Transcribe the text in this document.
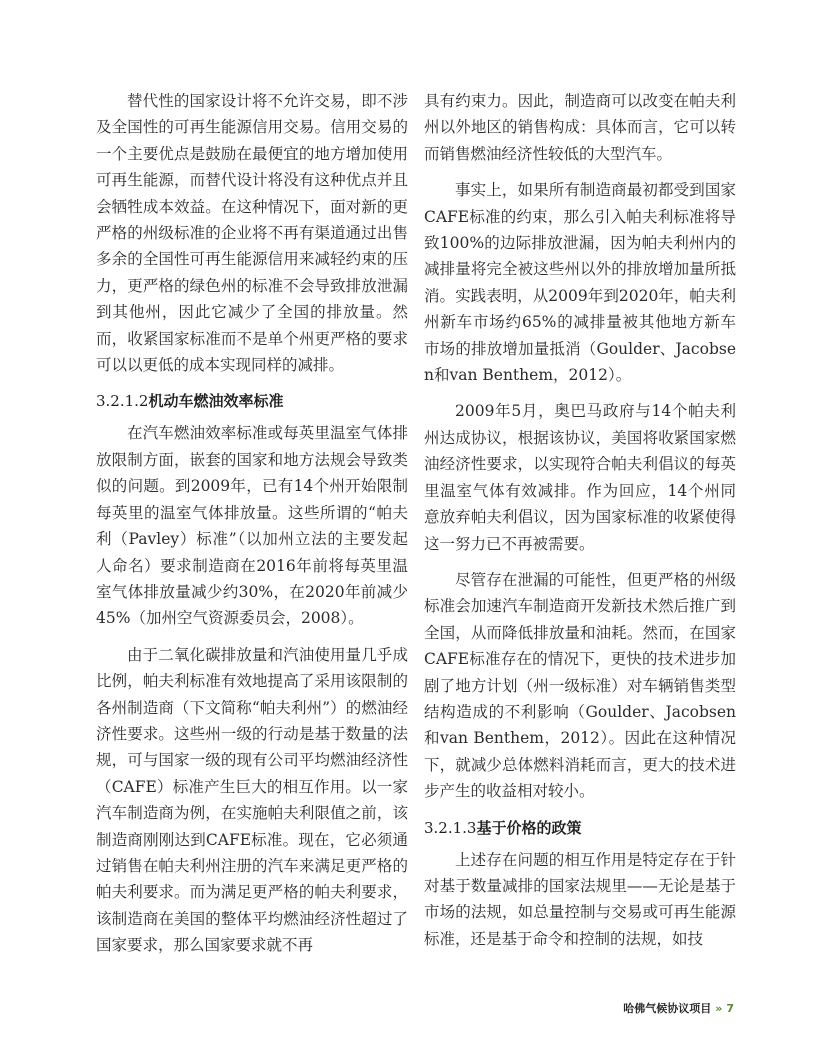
替代性的国家设计将不允许交易，即不涉及全国性的可再生能源信用交易。信用交易的一个主要优点是鼓励在最便宜的地方增加使用可再生能源，而替代设计将没有这种优点并且会牺牲成本效益。在这种情况下，面对新的更严格的州级标准的企业将不再有渠道通过出售多余的全国性可再生能源信用来减轻约束的压力，更严格的绿色州的标准不会导致排放泄漏到其他州，因此它减少了全国的排放量。然而，收紧国家标准而不是单个州更严格的要求可以以更低的成本实现同样的减排。

3.2.1.2机动车燃油效率标准

在汽车燃油效率标准或每英里温室气体排放限制方面，嵌套的国家和地方法规会导致类似的问题。到2009年，已有14个州开始限制每英里的温室气体排放量。这些所谓的“帕夫利（Pavley）标准”（以加州立法的主要发起人命名）要求制造商在2016年前将每英里温室气体排放量减少约30%，在2020年前减少45%（加州空气资源委员会，2008）。

由于二氧化碳排放量和汽油使用量几乎成比例，帕夫利标准有效地提高了采用该限制的各州制造商（下文简称“帕夫利州”）的燃油经济性要求。这些州一级的行动是基于数量的法规，可与国家一级的现有公司平均燃油经济性（CAFE）标准产生巨大的相互作用。以一家汽车制造商为例，在实施帕夫利限值之前，该制造商刚刚达到CAFE标准。现在，它必须通过销售在帕夫利州注册的汽车来满足更严格的帕夫利要求。而为满足更严格的帕夫利要求，该制造商在美国的整体平均燃油经济性超过了国家要求，那么国家要求就不再

具有约束力。因此，制造商可以改变在帕夫利州以外地区的销售构成：具体而言，它可以转而销售燃油经济性较低的大型汽车。

事实上，如果所有制造商最初都受到国家CAFE标准的约束，那么引入帕夫利标准将导致100%的边际排放泄漏，因为帕夫利州内的减排量将完全被这些州以外的排放增加量所抵消。实践表明，从2009年到2020年，帕夫利州新车市场约65%的减排量被其他地方新车市场的排放增加量抵消（Goulder、Jacobsen和van Benthem，2012）。

2009年5月，奥巴马政府与14个帕夫利州达成协议，根据该协议，美国将收紧国家燃油经济性要求，以实现符合帕夫利倡议的每英里温室气体有效减排。作为回应，14个州同意放弃帕夫利倡议，因为国家标准的收紧使得这一努力已不再被需要。

尽管存在泄漏的可能性，但更严格的州级标准会加速汽车制造商开发新技术然后推广到全国，从而降低排放量和油耗。然而，在国家CAFE标准存在的情况下，更快的技术进步加剧了地方计划（州一级标准）对车辆销售类型结构造成的不利影响（Goulder、Jacobsen和van Benthem，2012）。因此在这种情况下，就减少总体燃料消耗而言，更大的技术进步产生的收益相对较小。

3.2.1.3基于价格的政策

上述存在问题的相互作用是特定存在于针对基于数量减排的国家法规里——无论是基于市场的法规，如总量控制与交易或可再生能源标准，还是基于命令和控制的法规，如技

哈佛气候协议项目 » 7
